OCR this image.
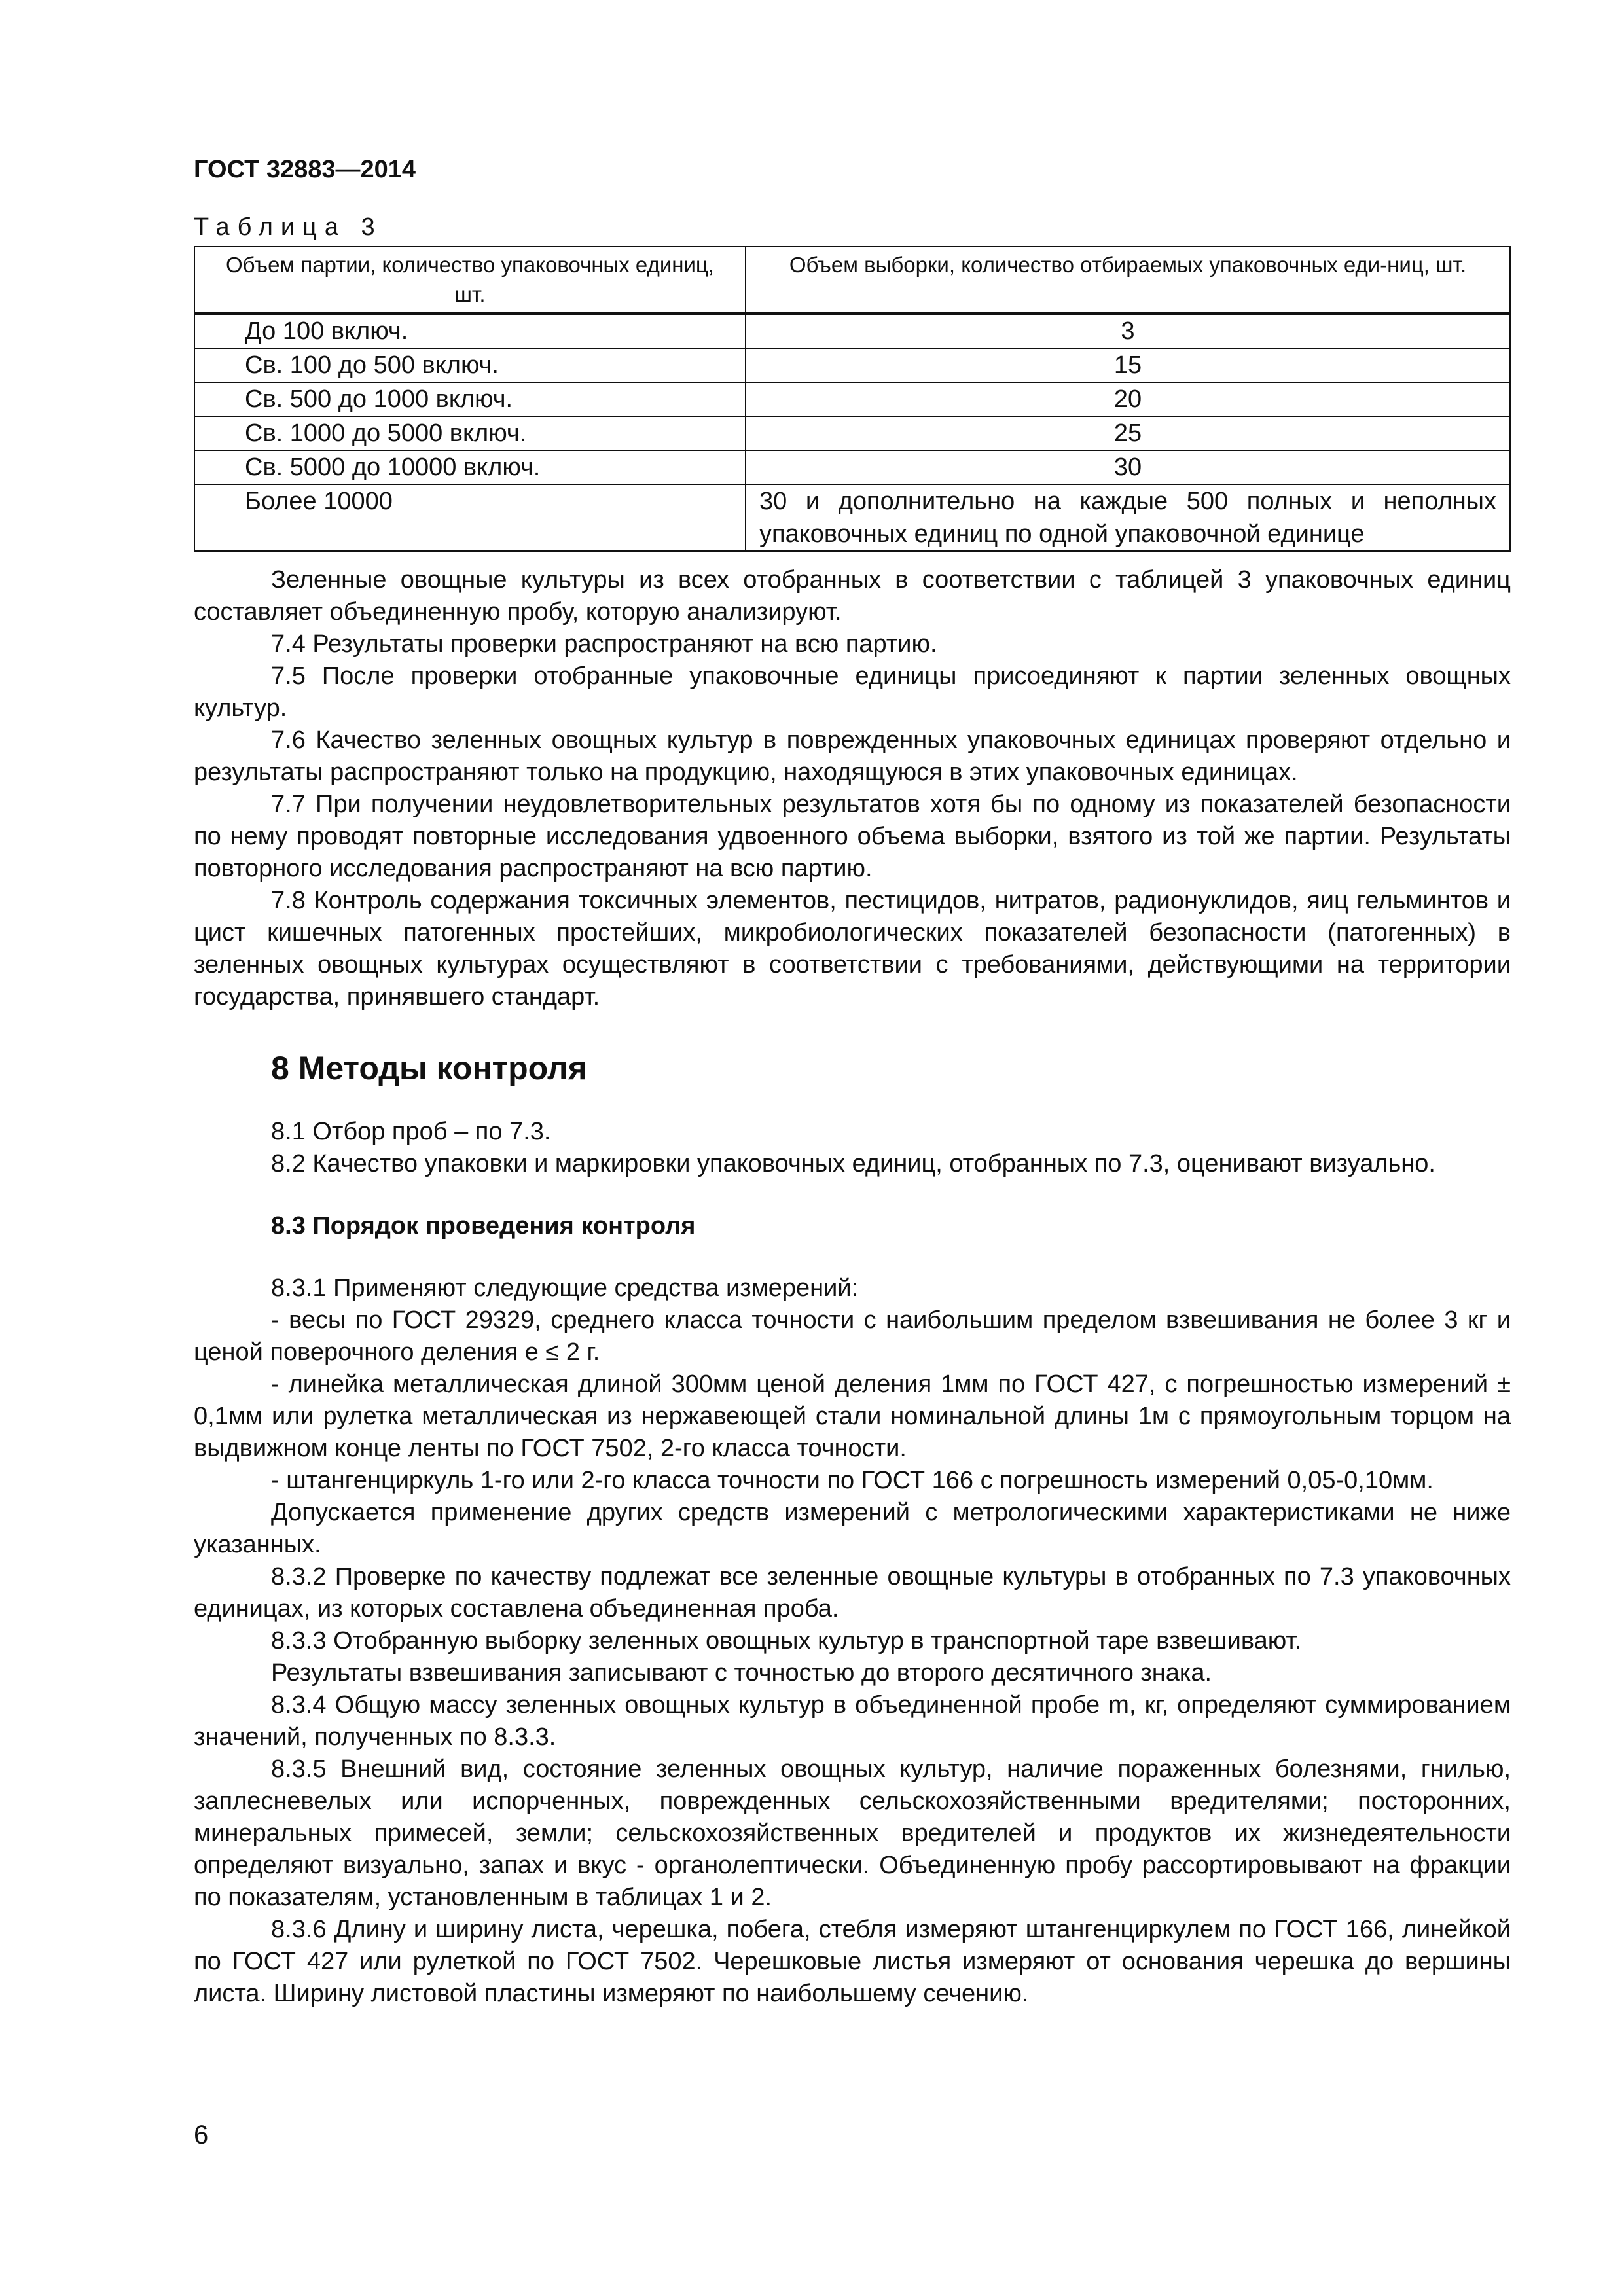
ГОСТ 32883—2014
Таблица 3
Объем партии, количество упаковочных единиц, шт.	Объем выборки, количество отбираемых упаковочных еди-ниц, шт.
До 100 включ.	3
Св. 100 до 500 включ.	15
Св. 500 до 1000 включ.	20
Св. 1000 до 5000 включ.	25
Св. 5000 до 10000 включ.	30
Более 10000	30 и дополнительно на каждые 500 полных и неполных упаковочных единиц по одной упаковочной единице

Зеленные овощные культуры из всех отобранных в соответствии с таблицей 3 упаковочных единиц составляет объединенную пробу, которую анализируют.

7.4 Результаты проверки распространяют на всю партию.

7.5 После проверки отобранные упаковочные единицы присоединяют к партии зеленных овощных культур.

7.6 Качество зеленных овощных культур в поврежденных упаковочных единицах проверяют отдельно и результаты распространяют только на продукцию, находящуюся в этих упаковочных единицах.

7.7 При получении неудовлетворительных результатов хотя бы по одному из показателей безопасности по нему проводят повторные исследования удвоенного объема выборки, взятого из той же партии. Результаты повторного исследования распространяют на всю партию.

7.8 Контроль содержания токсичных элементов, пестицидов, нитратов, радионуклидов, яиц гельминтов и цист кишечных патогенных простейших, микробиологических показателей безопасности (патогенных) в зеленных овощных культурах осуществляют в соответствии с требованиями, действующими на территории государства, принявшего стандарт.

8 Методы контроля

8.1 Отбор проб – по 7.3.

8.2 Качество упаковки и маркировки упаковочных единиц, отобранных по 7.3, оценивают визуально.

8.3 Порядок проведения контроля

8.3.1 Применяют следующие средства измерений:

- весы по ГОСТ 29329, среднего класса точности с наибольшим пределом взвешивания не более 3 кг и ценой поверочного деления е ≤ 2 г.

- линейка металлическая длиной 300мм ценой деления 1мм по ГОСТ 427, с погрешностью измерений ± 0,1мм или рулетка металлическая из нержавеющей стали номинальной длины 1м с прямоугольным торцом на выдвижном конце ленты по ГОСТ 7502, 2-го класса точности.

- штангенциркуль 1-го или 2-го класса точности по ГОСТ 166 с погрешность измерений 0,05-0,10мм.

Допускается применение других средств измерений с метрологическими характеристиками не ниже указанных.

8.3.2 Проверке по качеству подлежат все зеленные овощные культуры в отобранных по 7.3 упаковочных единицах, из которых составлена объединенная проба.

8.3.3 Отобранную выборку зеленных овощных культур в транспортной таре взвешивают.

Результаты взвешивания записывают с точностью до второго десятичного знака.

8.3.4 Общую массу зеленных овощных культур в объединенной пробе m, кг, определяют суммированием значений, полученных по 8.3.3.

8.3.5 Внешний вид, состояние зеленных овощных культур, наличие пораженных болезнями, гнилью, заплесневелых или испорченных, поврежденных сельскохозяйственными вредителями; посторонних, минеральных примесей, земли; сельскохозяйственных вредителей и продуктов их жизнедеятельности определяют визуально, запах и вкус - органолептически. Объединенную пробу рассортировывают на фракции по показателям, установленным в таблицах 1 и 2.

8.3.6 Длину и ширину листа, черешка, побега, стебля измеряют штангенциркулем по ГОСТ 166, линейкой по ГОСТ 427 или рулеткой по ГОСТ 7502. Черешковые листья измеряют от основания черешка до вершины листа. Ширину листовой пластины измеряют по наибольшему сечению.

6
